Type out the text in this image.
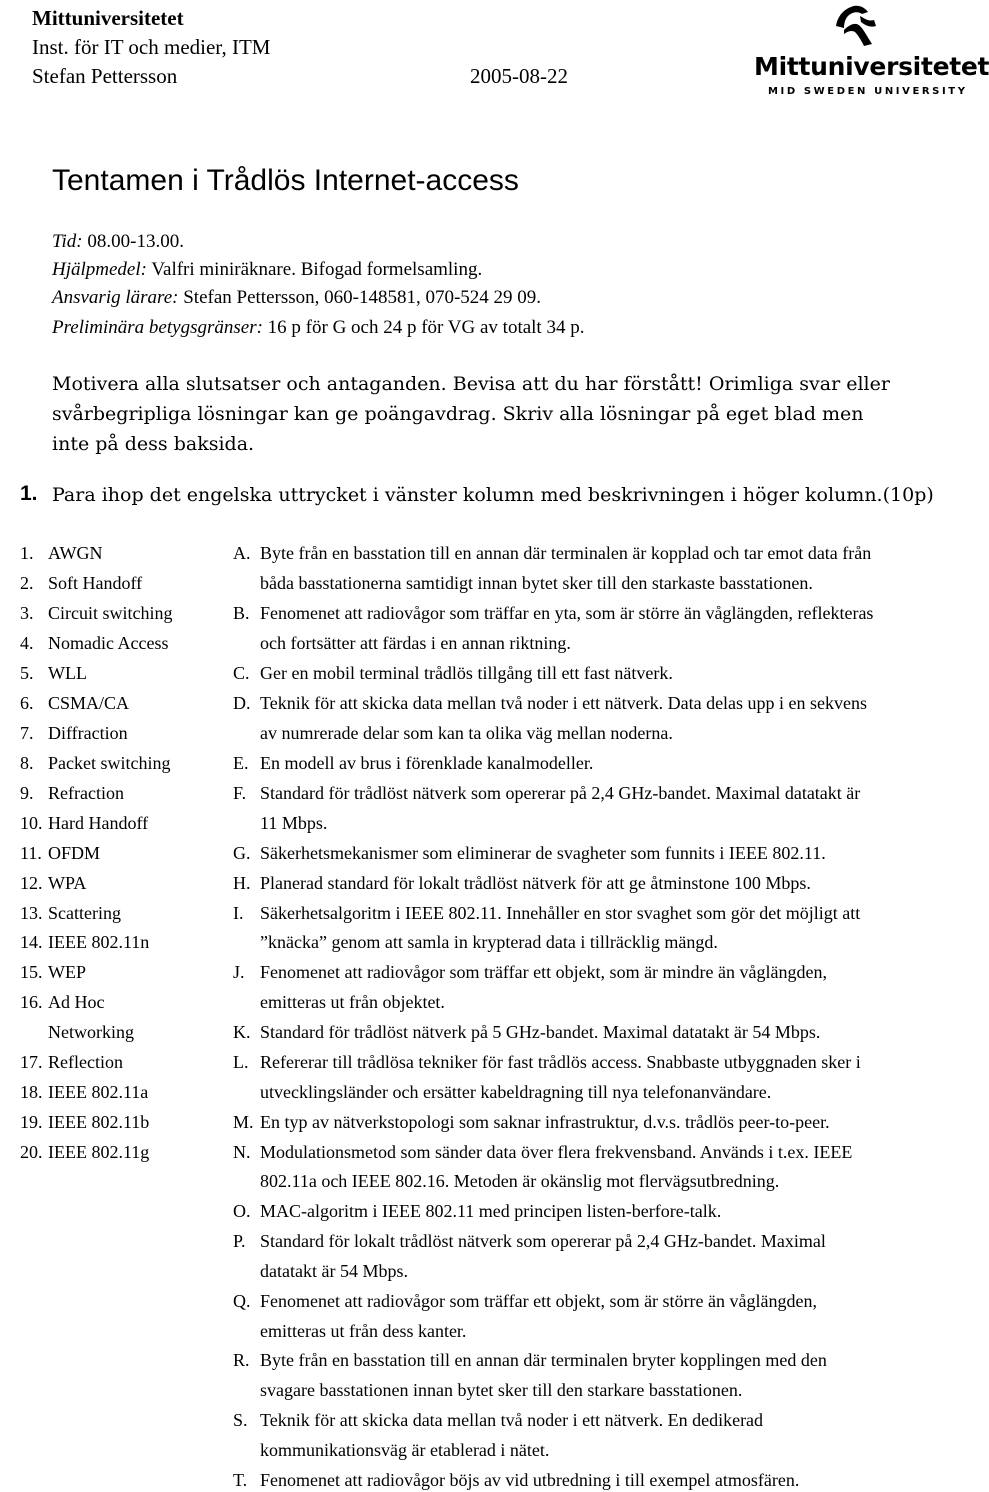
Mittuniversitetet
Inst. för IT och medier, ITM
Stefan Pettersson	2005-08-22	Mittuniversitetet
MID SWEDEN UNIVERSITY
Tentamen i Trådlös Internet-access
Tid: 08.00-13.00.
Hjälpmedel: Valfri miniräknare. Bifogad formelsamling.
Ansvarig lärare: Stefan Pettersson, 060-148581, 070-524 29 09.
Preliminära betygsgränser: 16 p för G och 24 p för VG av totalt 34 p.
Motivera alla slutsatser och antaganden. Bevisa att du har förstått! Orimliga svar eller
svårbegripliga lösningar kan ge poängavdrag. Skriv alla lösningar på eget blad men
inte på dess baksida.
1. Para ihop det engelska uttrycket i vänster kolumn med beskrivningen i höger kolumn.(10p)
1. AWGN
2. Soft Handoff
3. Circuit switching
4. Nomadic Access
5. WLL
6. CSMA/CA
7. Diffraction
8. Packet switching
9. Refraction
10. Hard Handoff
11. OFDM
12. WPA
13. Scattering
14. IEEE 802.11n
15. WEP
16. Ad Hoc
Networking
17. Reflection
18. IEEE 802.11a
19. IEEE 802.11b
20. IEEE 802.11g
A. Byte från en basstation till en annan där terminalen är kopplad och tar emot data från
båda basstationerna samtidigt innan bytet sker till den starkaste basstationen.
B. Fenomenet att radiovågor som träffar en yta, som är större än våglängden, reflekteras
och fortsätter att färdas i en annan riktning.
C. Ger en mobil terminal trådlös tillgång till ett fast nätverk.
D. Teknik för att skicka data mellan två noder i ett nätverk. Data delas upp i en sekvens
av numrerade delar som kan ta olika väg mellan noderna.
E. En modell av brus i förenklade kanalmodeller.
F. Standard för trådlöst nätverk som opererar på 2,4 GHz-bandet. Maximal datatakt är
11 Mbps.
G. Säkerhetsmekanismer som eliminerar de svagheter som funnits i IEEE 802.11.
H. Planerad standard för lokalt trådlöst nätverk för att ge åtminstone 100 Mbps.
I. Säkerhetsalgoritm i IEEE 802.11. Innehåller en stor svaghet som gör det möjligt att
”knäcka” genom att samla in krypterad data i tillräcklig mängd.
J. Fenomenet att radiovågor som träffar ett objekt, som är mindre än våglängden,
emitteras ut från objektet.
K. Standard för trådlöst nätverk på 5 GHz-bandet. Maximal datatakt är 54 Mbps.
L. Refererar till trådlösa tekniker för fast trådlös access. Snabbaste utbyggnaden sker i
utvecklingsländer och ersätter kabeldragning till nya telefonanvändare.
M. En typ av nätverkstopologi som saknar infrastruktur, d.v.s. trådlös peer-to-peer.
N. Modulationsmetod som sänder data över flera frekvensband. Används i t.ex. IEEE
802.11a och IEEE 802.16. Metoden är okänslig mot flervägsutbredning.
O. MAC-algoritm i IEEE 802.11 med principen listen-berfore-talk.
P. Standard för lokalt trådlöst nätverk som opererar på 2,4 GHz-bandet. Maximal
datatakt är 54 Mbps.
Q. Fenomenet att radiovågor som träffar ett objekt, som är större än våglängden,
emitteras ut från dess kanter.
R. Byte från en basstation till en annan där terminalen bryter kopplingen med den
svagare basstationen innan bytet sker till den starkare basstationen.
S. Teknik för att skicka data mellan två noder i ett nätverk. En dedikerad
kommunikationsväg är etablerad i nätet.
T. Fenomenet att radiovågor böjs av vid utbredning i till exempel atmosfären.
